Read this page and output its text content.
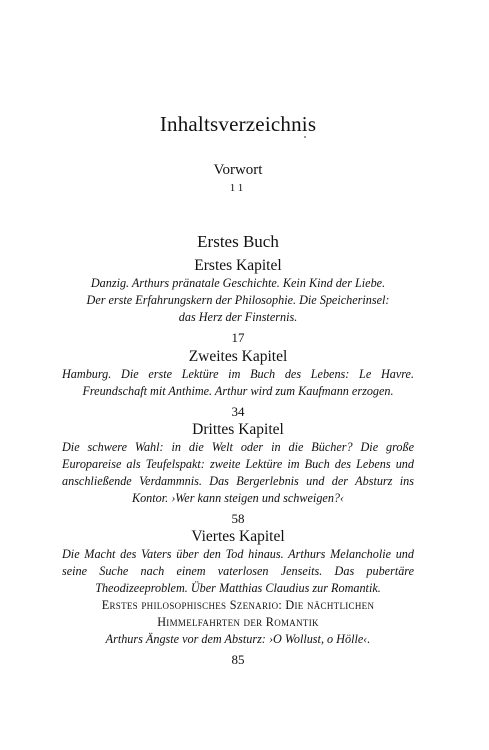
Inhaltsverzeichnis
Vorwort
11
Erstes Buch
Erstes Kapitel
Danzig. Arthurs pränatale Geschichte. Kein Kind der Liebe.
Der erste Erfahrungskern der Philosophie. Die Speicherinsel:
das Herz der Finsternis.
17
Zweites Kapitel
Hamburg. Die erste Lektüre im Buch des Lebens: Le Havre. Freundschaft mit Anthime. Arthur wird zum Kaufmann erzogen.
34
Drittes Kapitel
Die schwere Wahl: in die Welt oder in die Bücher? Die große Europareise als Teufelspakt: zweite Lektüre im Buch des Lebens und anschließende Verdammnis. Das Bergerlebnis und der Absturz ins Kontor. ›Wer kann steigen und schweigen?‹
58
Viertes Kapitel
Die Macht des Vaters über den Tod hinaus. Arthurs Melancholie und seine Suche nach einem vaterlosen Jenseits. Das pubertäre Theodizeeproblem. Über Matthias Claudius zur Romantik.
Erstes philosophisches Szenario: Die nächtlichen Himmelfahrten der Romantik
Arthurs Ängste vor dem Absturz: ›O Wollust, o Hölle‹.
85
